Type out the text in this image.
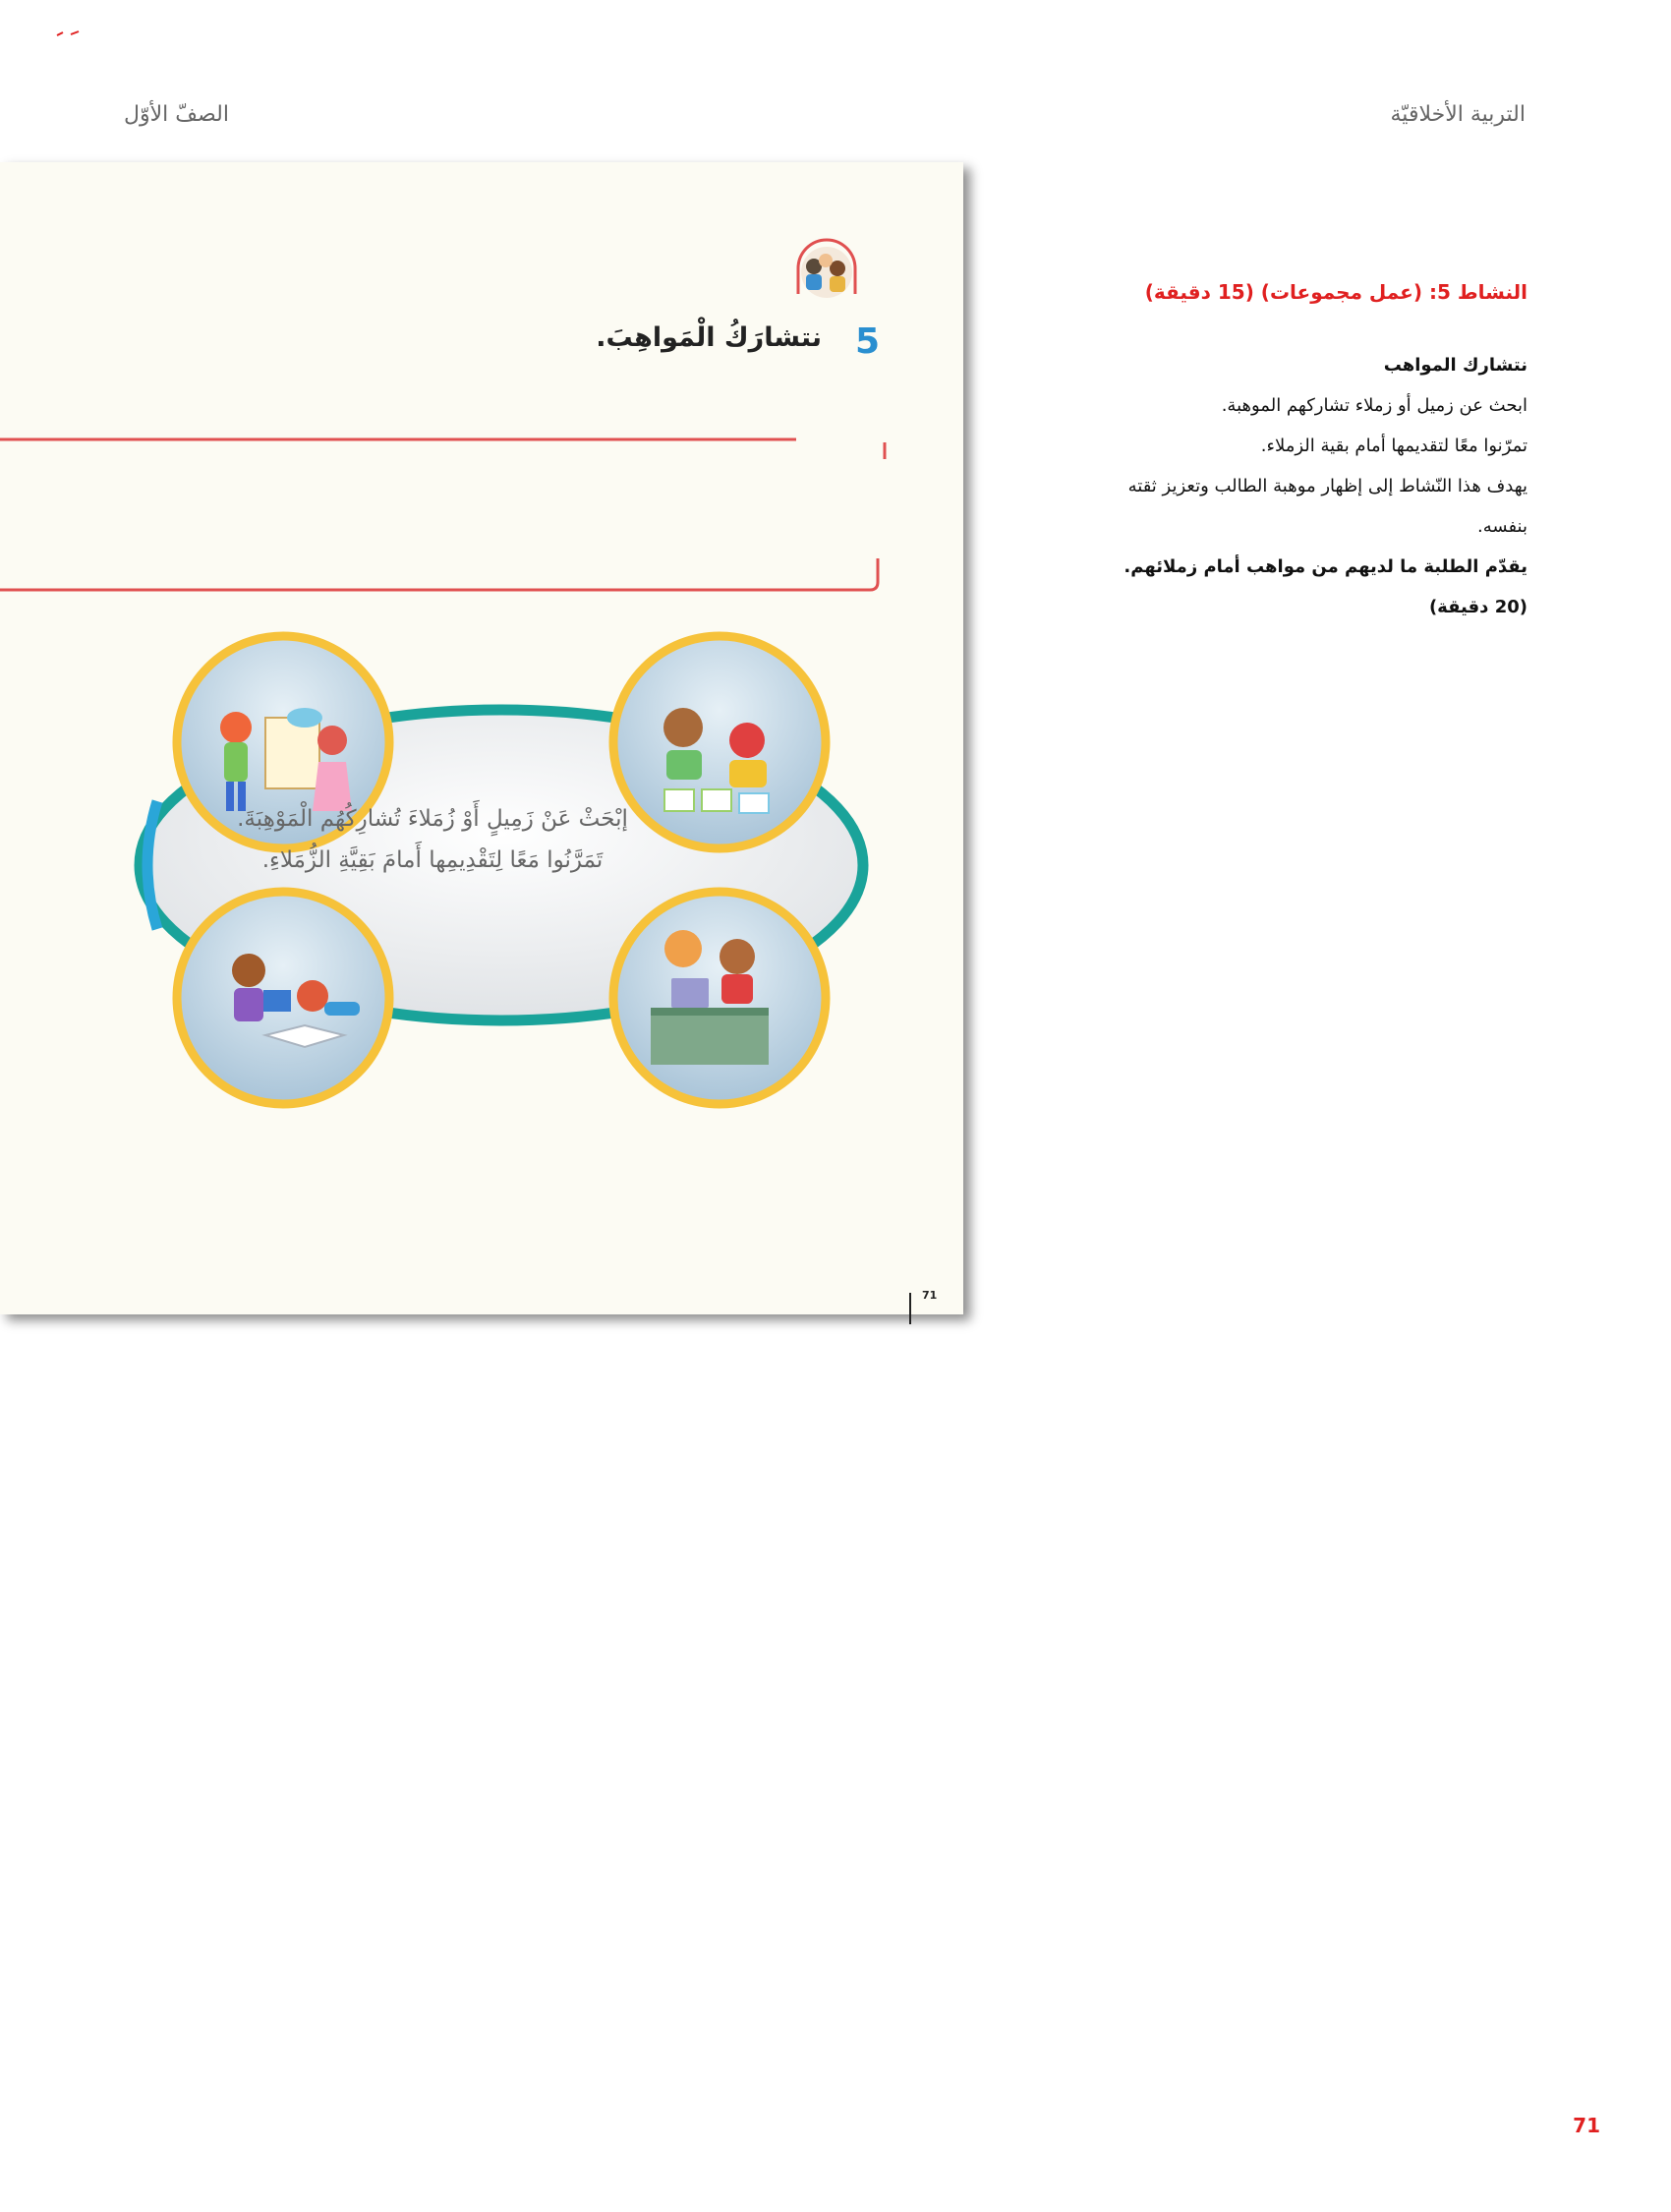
التربية الأخلاقيّة
الصفّ الأوّل
5
نتشارَكُ الْمَواهِبَ.
إبْحَثْ عَنْ زَمِيلٍ أَوْ زُمَلاءَ تُشارِكُهُم الْمَوْهِبَةَ.
تَمَرَّنُوا مَعًا لِتَقْدِيمِها أَمامَ بَقِيَّةِ الزُّمَلاءِ.
71
النشاط 5: (عمل مجموعات) (15 دقيقة)

نتشارك المواهب

ابحث عن زميل أو زملاء تشاركهم الموهبة.

تمرّنوا معًا لتقديمها أمام بقية الزملاء.

يهدف هذا النّشاط إلى إظهار موهبة الطالب وتعزيز ثقته

بنفسه.

يقدّم الطلبة ما لديهم من مواهب أمام زملائهم.

(20 دقيقة)

71
